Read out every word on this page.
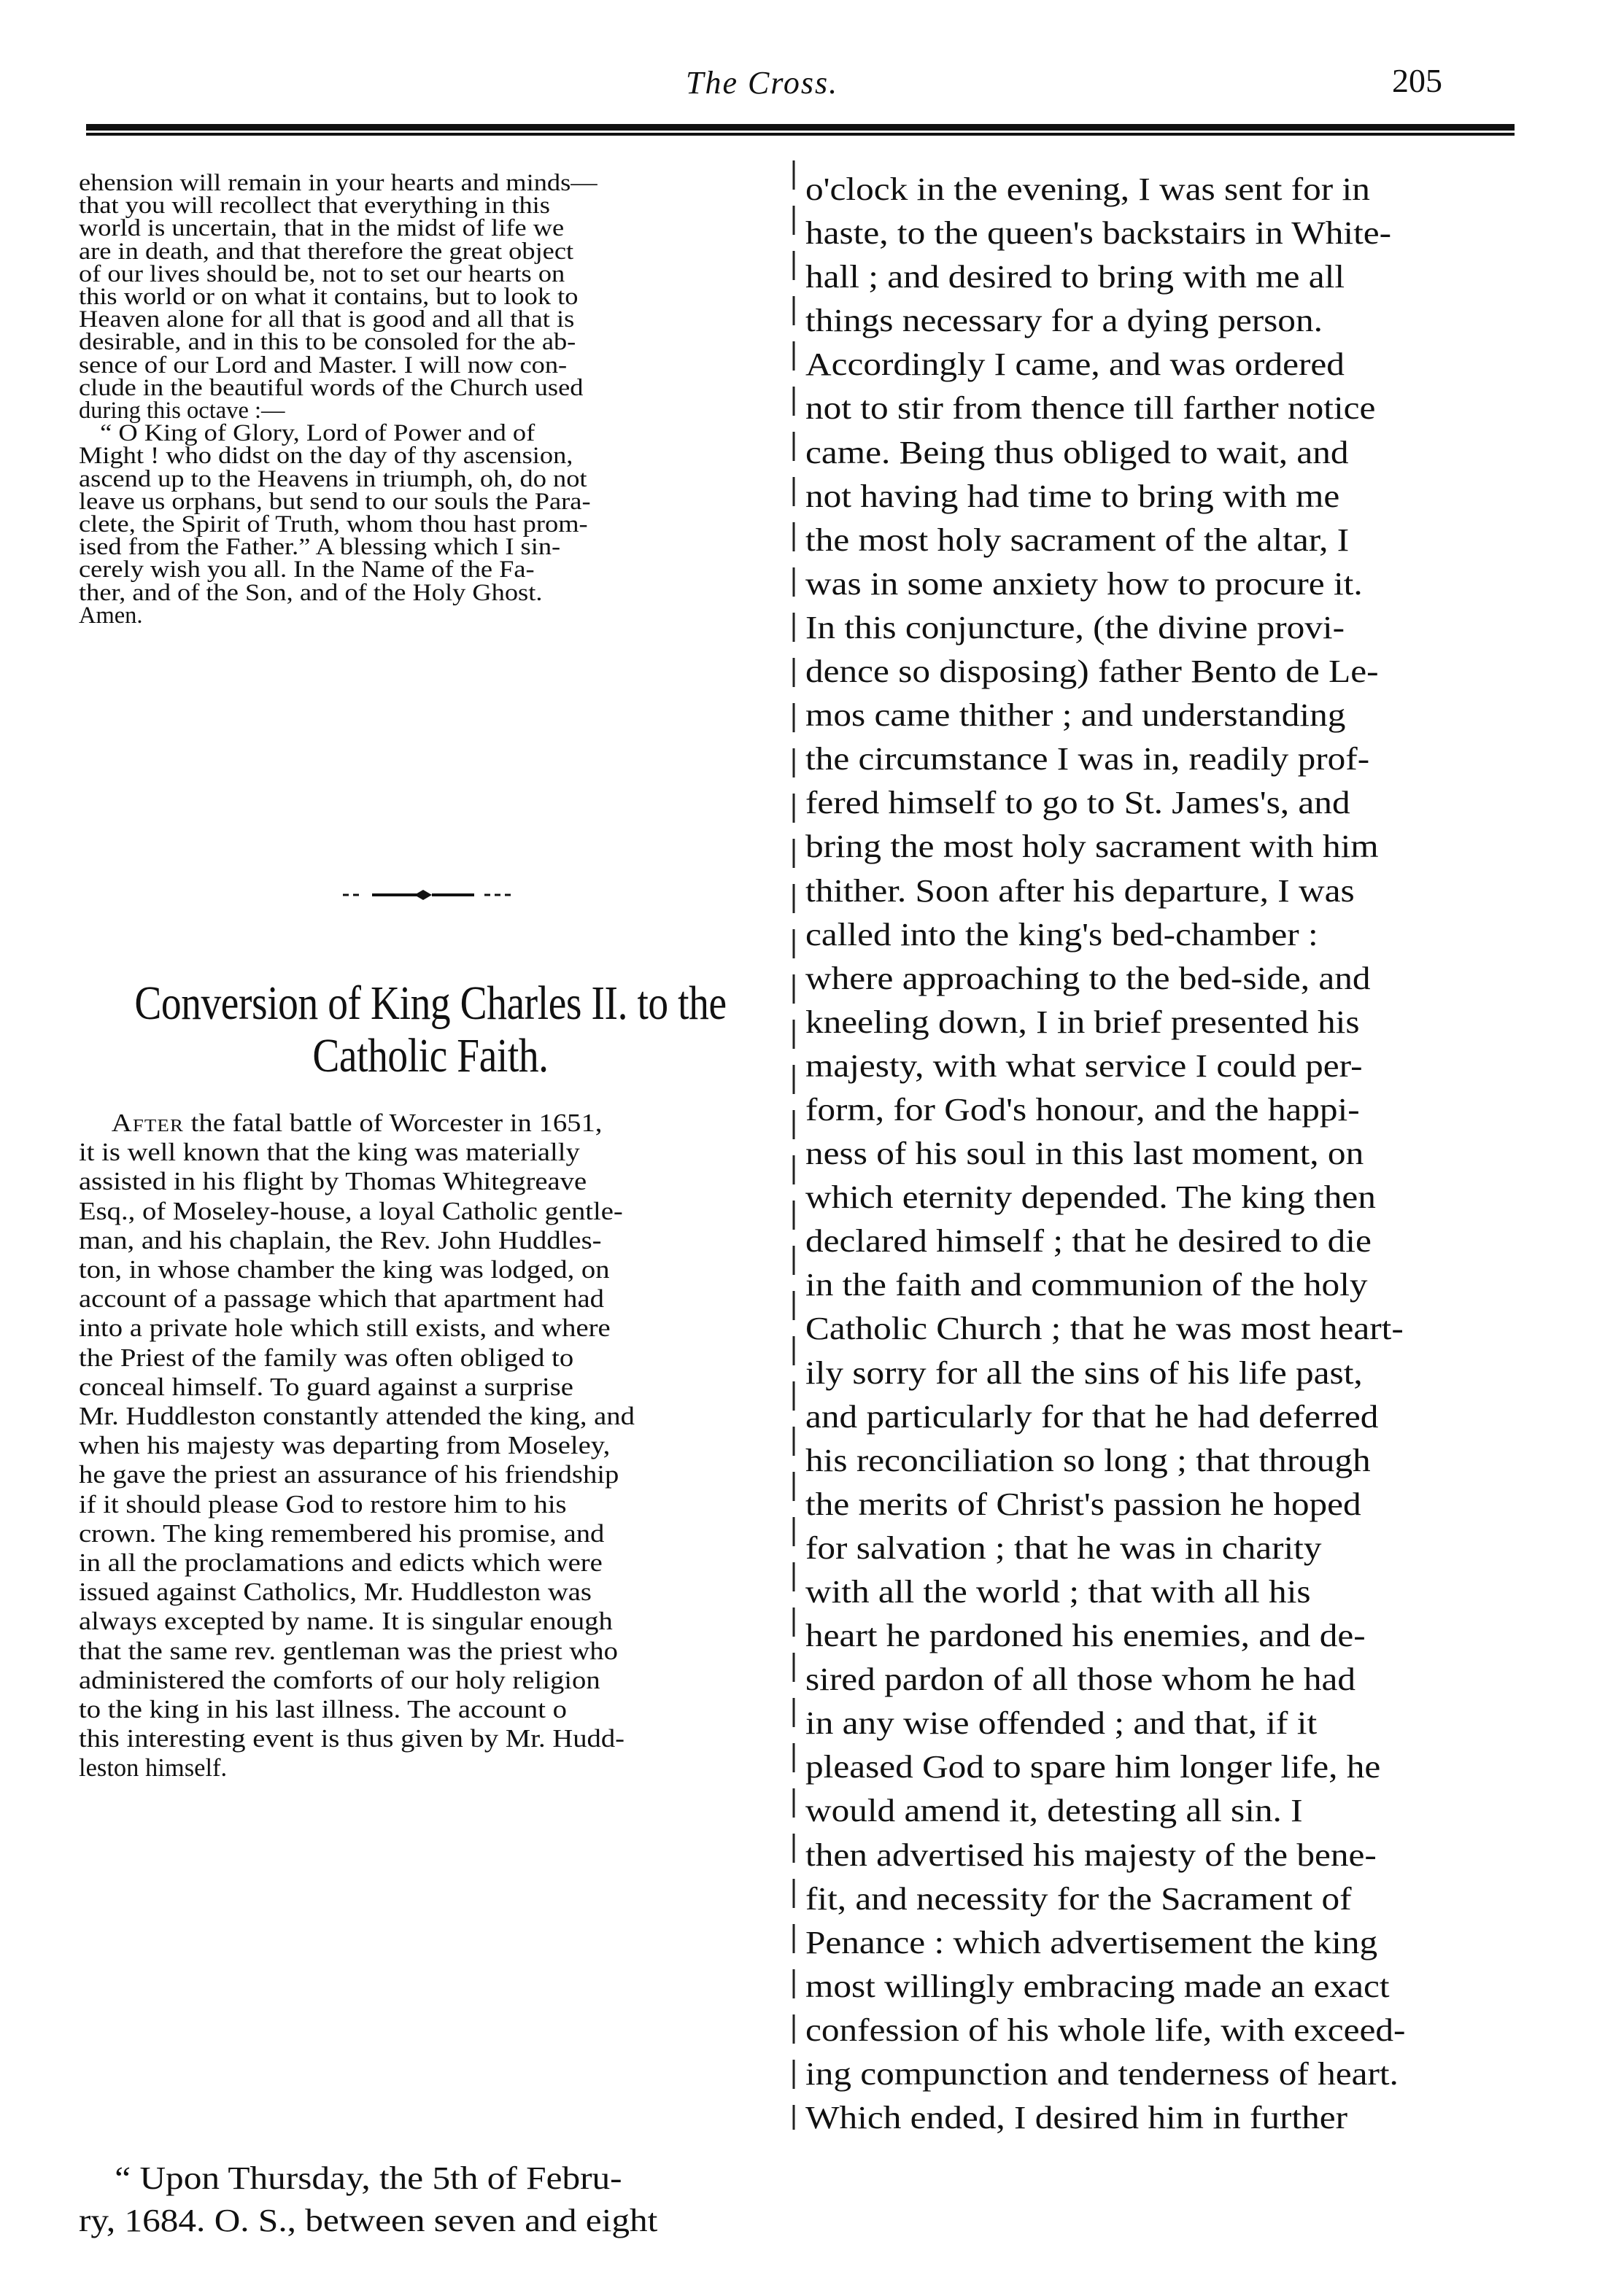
The Cross.	205

ehension will remain in your hearts and minds—
that you will recollect that everything in this
world is uncertain, that in the midst of life we
are in death, and that therefore the great object
of our lives should be, not to set our hearts on
this world or on what it contains, but to look to
Heaven alone for all that is good and all that is
desirable, and in this to be consoled for the ab-
sence of our Lord and Master. I will now con-
clude in the beautiful words of the Church used
during this octave :—

“ O King of Glory, Lord of Power and of
Might ! who didst on the day of thy ascension,
ascend up to the Heavens in triumph, oh, do not
leave us orphans, but send to our souls the Para-
clete, the Spirit of Truth, whom thou hast prom-
ised from the Father.” A blessing which I sin-
cerely wish you all. In the Name of the Fa-
ther, and of the Son, and of the Holy Ghost.
Amen.

Conversion of King Charles II. to the
Catholic Faith.

After the fatal battle of Worcester in 1651,
it is well known that the king was materially
assisted in his flight by Thomas Whitegreave
Esq., of Moseley-house, a loyal Catholic gentle-
man, and his chaplain, the Rev. John Huddles-
ton, in whose chamber the king was lodged, on
account of a passage which that apartment had
into a private hole which still exists, and where
the Priest of the family was often obliged to
conceal himself. To guard against a surprise
Mr. Huddleston constantly attended the king, and
when his majesty was departing from Moseley,
he gave the priest an assurance of his friendship
if it should please God to restore him to his
crown. The king remembered his promise, and
in all the proclamations and edicts which were
issued against Catholics, Mr. Huddleston was
always excepted by name. It is singular enough
that the same rev. gentleman was the priest who
administered the comforts of our holy religion
to the king in his last illness. The account o
this interesting event is thus given by Mr. Hudd-
leston himself.

“ Upon Thursday, the 5th of Febru-
ry, 1684. O. S., between seven and eight

o'clock in the evening, I was sent for in
haste, to the queen's backstairs in White-
hall ; and desired to bring with me all
things necessary for a dying person.
Accordingly I came, and was ordered
not to stir from thence till farther notice
came. Being thus obliged to wait, and
not having had time to bring with me
the most holy sacrament of the altar, I
was in some anxiety how to procure it.
In this conjuncture, (the divine provi-
dence so disposing) father Bento de Le-
mos came thither ; and understanding
the circumstance I was in, readily prof-
fered himself to go to St. James's, and
bring the most holy sacrament with him
thither. Soon after his departure, I was
called into the king's bed-chamber :
where approaching to the bed-side, and
kneeling down, I in brief presented his
majesty, with what service I could per-
form, for God's honour, and the happi-
ness of his soul in this last moment, on
which eternity depended. The king then
declared himself ; that he desired to die
in the faith and communion of the holy
Catholic Church ; that he was most heart-
ily sorry for all the sins of his life past,
and particularly for that he had deferred
his reconciliation so long ; that through
the merits of Christ's passion he hoped
for salvation ; that he was in charity
with all the world ; that with all his
heart he pardoned his enemies, and de-
sired pardon of all those whom he had
in any wise offended ; and that, if it
pleased God to spare him longer life, he
would amend it, detesting all sin. I
then advertised his majesty of the bene-
fit, and necessity for the Sacrament of
Penance : which advertisement the king
most willingly embracing made an exact
confession of his whole life, with exceed-
ing compunction and tenderness of heart.
Which ended, I desired him in further
